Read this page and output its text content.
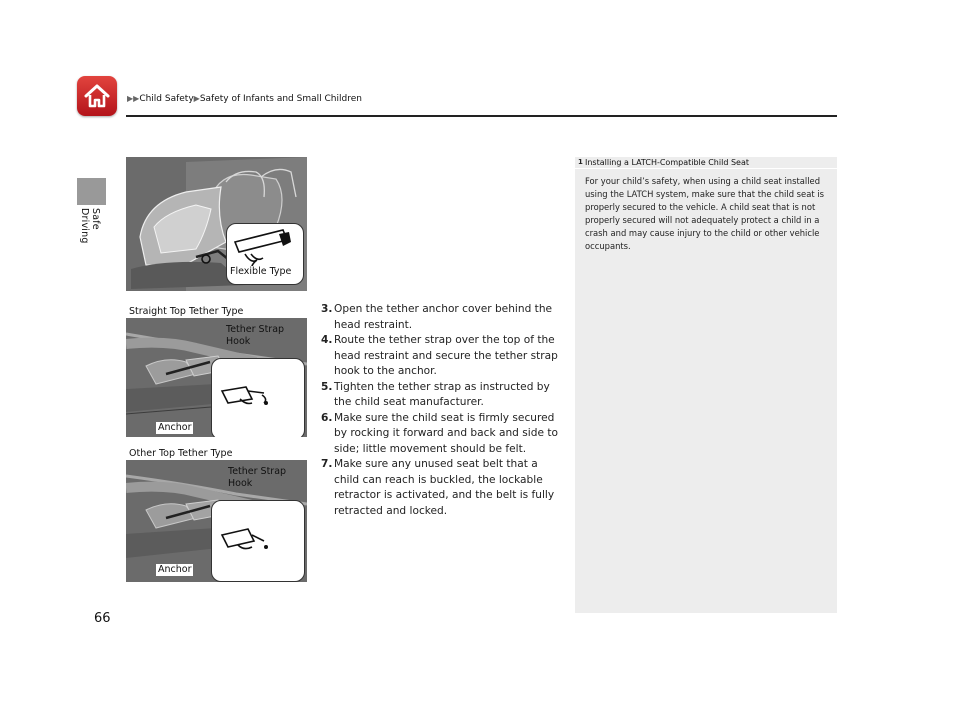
▶▶Child Safety▶Safety of Infants and Small Children
Safe Driving
Flexible Type
Straight Top Tether Type
Tether Strap
Hook
Anchor
Other Top Tether Type
Tether Strap
Hook
Anchor
3. Open the tether anchor cover behind the head restraint.
4. Route the tether strap over the top of the head restraint and secure the tether strap hook to the anchor.
5. Tighten the tether strap as instructed by the child seat manufacturer.
6. Make sure the child seat is firmly secured by rocking it forward and back and side to side; little movement should be felt.
7. Make sure any unused seat belt that a child can reach is buckled, the lockable retractor is activated, and the belt is fully retracted and locked.
1 Installing a LATCH-Compatible Child Seat
For your child’s safety, when using a child seat installed using the LATCH system, make sure that the child seat is properly secured to the vehicle. A child seat that is not properly secured will not adequately protect a child in a crash and may cause injury to the child or other vehicle occupants.
66
